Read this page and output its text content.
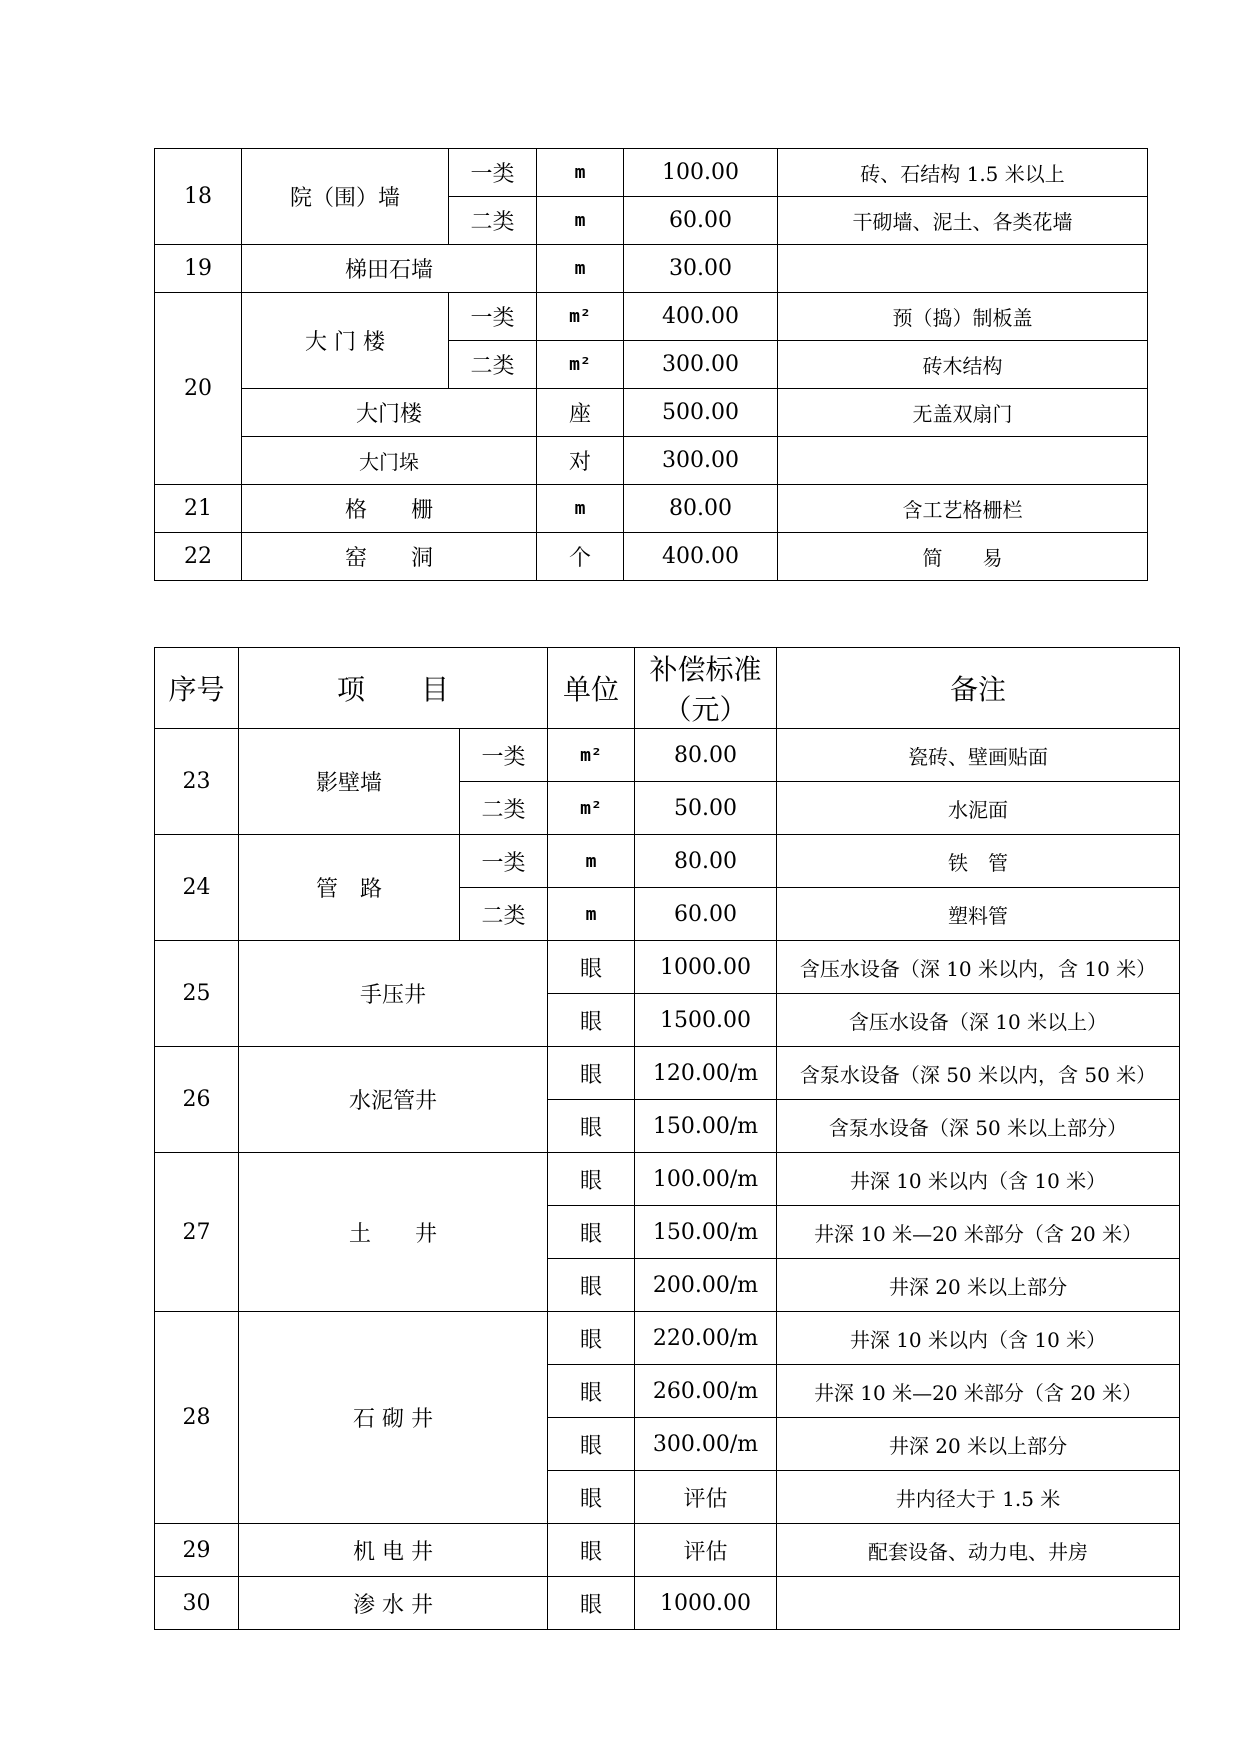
18	院（围）墙	一类	m	100.00	砖、石结构 1.5 米以上
		二类	m	60.00	干砌墙、泥土、各类花墙
19	梯田石墙		m	30.00	
20	大 门 楼	一类	m²	400.00	预（捣）制板盖
		二类	m²	300.00	砖木结构
	大门楼		座	500.00	无盖双扇门
	大门垛		对	300.00	
21	格　　栅		m	80.00	含工艺格栅栏
22	窑　　洞		个	400.00	简　　易
序号	项　　目		单位	补偿标准（元）	备注
23	影壁墙	一类	m²	80.00	瓷砖、壁画贴面
		二类	m²	50.00	水泥面
24	管　路	一类	m	80.00	铁　管
		二类	m	60.00	塑料管
25	手压井		眼	1000.00	含压水设备（深 10 米以内，含 10 米）
			眼	1500.00	含压水设备（深 10 米以上）
26	水泥管井		眼	120.00/m	含泵水设备（深 50 米以内，含 50 米）
			眼	150.00/m	含泵水设备（深 50 米以上部分）
27	土　　井		眼	100.00/m	井深 10 米以内（含 10 米）
			眼	150.00/m	井深 10 米—20 米部分（含 20 米）
			眼	200.00/m	井深 20 米以上部分
28	石 砌 井		眼	220.00/m	井深 10 米以内（含 10 米）
			眼	260.00/m	井深 10 米—20 米部分（含 20 米）
			眼	300.00/m	井深 20 米以上部分
			眼	评估	井内径大于 1.5 米
29	机 电 井		眼	评估	配套设备、动力电、井房
30	渗 水 井		眼	1000.00	
